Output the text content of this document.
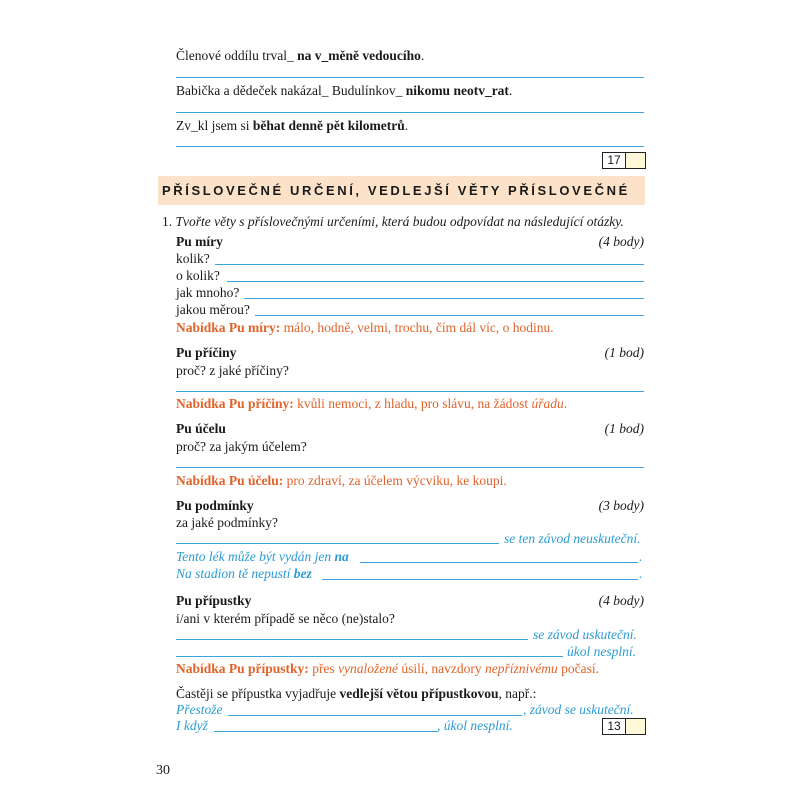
Členové oddílu trval_ na v_měně vedoucího.
Babička a dědeček nakázal_ Budulínkov_ nikomu neotv_rat.
Zv_kl jsem si běhat denně pět kilometrů.
17
PŘÍSLOVEČNÉ URČENÍ, VEDLEJŠÍ VĚTY PŘÍSLOVEČNÉ
1. Tvořte věty s příslovečnými určeními, která budou odpovídat na následující otázky.
Pu míry	(4 body)
kolik?
o kolik?
jak mnoho?
jakou měrou?
Nabídka Pu míry: málo, hodně, velmi, trochu, čím dál víc, o hodinu.
Pu příčiny	(1 bod)
proč? z jaké příčiny?
Nabídka Pu příčiny: kvůli nemoci, z hladu, pro slávu, na žádost úřadu.
Pu účelu	(1 bod)
proč? za jakým účelem?
Nabídka Pu účelu: pro zdraví, za účelem výcviku, ke koupi.
Pu podmínky	(3 body)
za jaké podmínky?
se ten závod neuskuteční.
Tento lék může být vydán jen na	.
Na stadion tě nepustí bez	.
Pu přípustky	(4 body)
i/ani v kterém případě se něco (ne)stalo?
se závod uskuteční.
úkol nesplní.
Nabídka Pu přípustky: přes vynaložené úsilí, navzdory nepříznivému počasí.
Častěji se přípustka vyjadřuje vedlejší větou přípustkovou, např.:
Přestože	, závod se uskuteční.
I když	, úkol nesplní.	13
30
